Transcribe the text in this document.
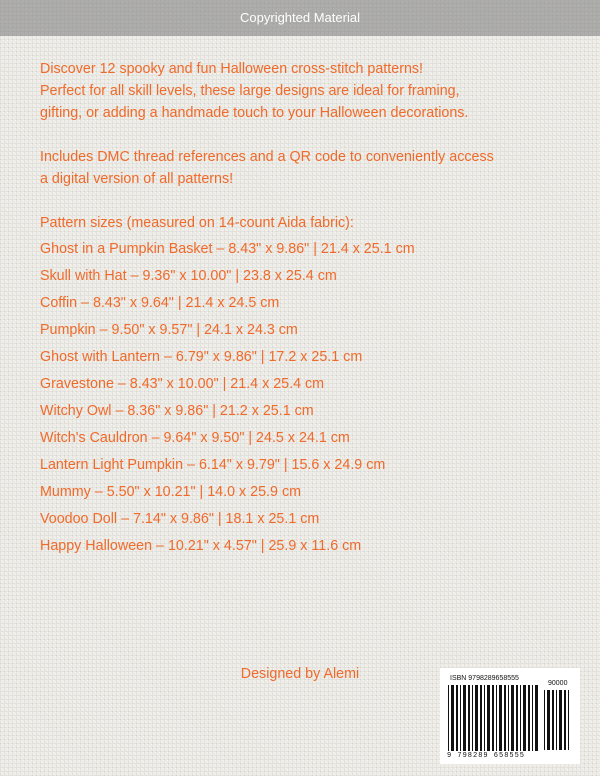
Copyrighted Material

Discover 12 spooky and fun Halloween cross-stitch patterns!

Perfect for all skill levels, these large designs are ideal for framing,

gifting, or adding a handmade touch to your Halloween decorations.

Includes DMC thread references and a QR code to conveniently access

a digital version of all patterns!

Pattern sizes (measured on 14-count Aida fabric):

Ghost in a Pumpkin Basket – 8.43" x 9.86" | 21.4 x 25.1 cm
Skull with Hat – 9.36" x 10.00" | 23.8 x 25.4 cm
Coffin – 8.43" x 9.64" | 21.4 x 24.5 cm
Pumpkin – 9.50" x 9.57" | 24.1 x 24.3 cm
Ghost with Lantern – 6.79" x 9.86" | 17.2 x 25.1 cm
Gravestone – 8.43" x 10.00" | 21.4 x 25.4 cm
Witchy Owl – 8.36" x 9.86" | 21.2 x 25.1 cm
Witch's Cauldron – 9.64" x 9.50" | 24.5 x 24.1 cm
Lantern Light Pumpkin – 6.14" x 9.79" | 15.6 x 24.9 cm
Mummy – 5.50" x 10.21" | 14.0 x 25.9 cm
Voodoo Doll – 7.14" x 9.86" | 18.1 x 25.1 cm
Happy Halloween – 10.21" x 4.57" | 25.9 x 11.6 cm
Designed by Alemi	ISBN 9798289658555
90000
9 798289 658555
